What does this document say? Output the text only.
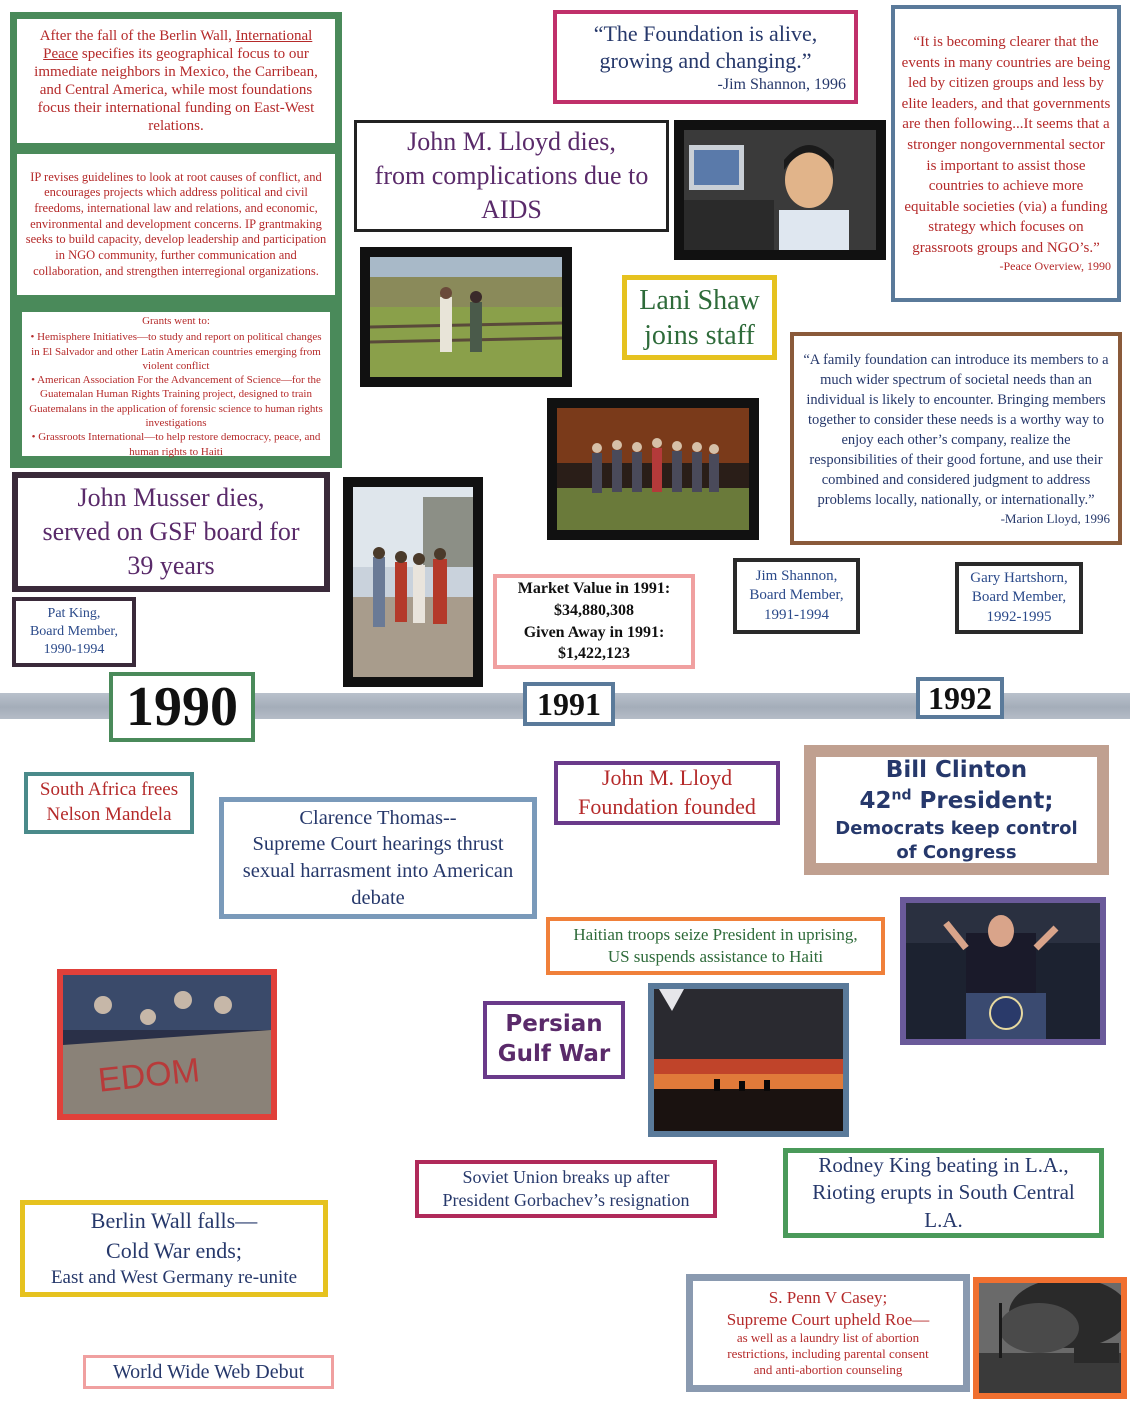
After the fall of the Berlin Wall, International Peace specifies its geographical focus to our immediate neighbors in Mexico, the Carribean, and Central America, while most foundations focus their international funding on East-West relations.
IP revises guidelines to look at root causes of conflict, and encourages projects which address political and civil freedoms, international law and relations, and economic, environmental and development concerns. IP grantmaking seeks to build capacity, develop leadership and participation in NGO community, further communication and collaboration, and strengthen interregional organizations.
Grants went to:
• Hemisphere Initiatives—to study and report on political changes in El Salvador and other Latin American countries emerging from violent conflict
• American Association For the Advancement of Science—for the Guatemalan Human Rights Training project, designed to train Guatemalans in the application of forensic science to human rights investigations
• Grassroots International—to help restore democracy, peace, and human rights to Haiti
John Musser dies,
served on GSF board for
39 years
Pat King,
Board Member,
1990-1994
“The Foundation is alive,
growing and changing.”
-Jim Shannon, 1996
John M. Lloyd dies,
from complications due to
AIDS
Lani Shaw
joins staff
Market Value in 1991:
$34,880,308
Given Away in 1991:
$1,422,123
Jim Shannon,
Board Member,
1991-1994
Gary Hartshorn,
Board Member,
1992-1995
“It is becoming clearer that the events in many countries are being led by citizen groups and less by elite leaders, and that governments are then following...It seems that a stronger nongovernmental sector is important to assist those countries to achieve more equitable societies (via) a funding strategy which focuses on grassroots groups and NGO’s.”
-Peace Overview, 1990
“A family foundation can introduce its members to a much wider spectrum of societal needs than an individual is likely to encounter. Bringing members together to consider these needs is a worthy way to enjoy each other’s company, realize the responsibilities of their good fortune, and use their combined and considered judgment to address problems locally, nationally, or internationally.”
-Marion Lloyd, 1996
1990	1991	1992
South Africa frees
Nelson Mandela	Clarence Thomas--
Supreme Court hearings thrust
sexual harrasment into American
debate
John M. Lloyd
Foundation founded
Bill Clinton
42nd President;
Democrats keep control
of Congress
Haitian troops seize President in uprising,
US suspends assistance to Haiti
EDOM
Persian
Gulf War
Soviet Union breaks up after
President Gorbachev’s resignation
Rodney King beating in L.A.,
Rioting erupts in South Central
L.A.
Berlin Wall falls—
Cold War ends;
East and West Germany re-unite
World Wide Web Debut
S. Penn V Casey;
Supreme Court upheld Roe—
as well as a laundry list of abortion
restrictions, including parental consent
and anti-abortion counseling
